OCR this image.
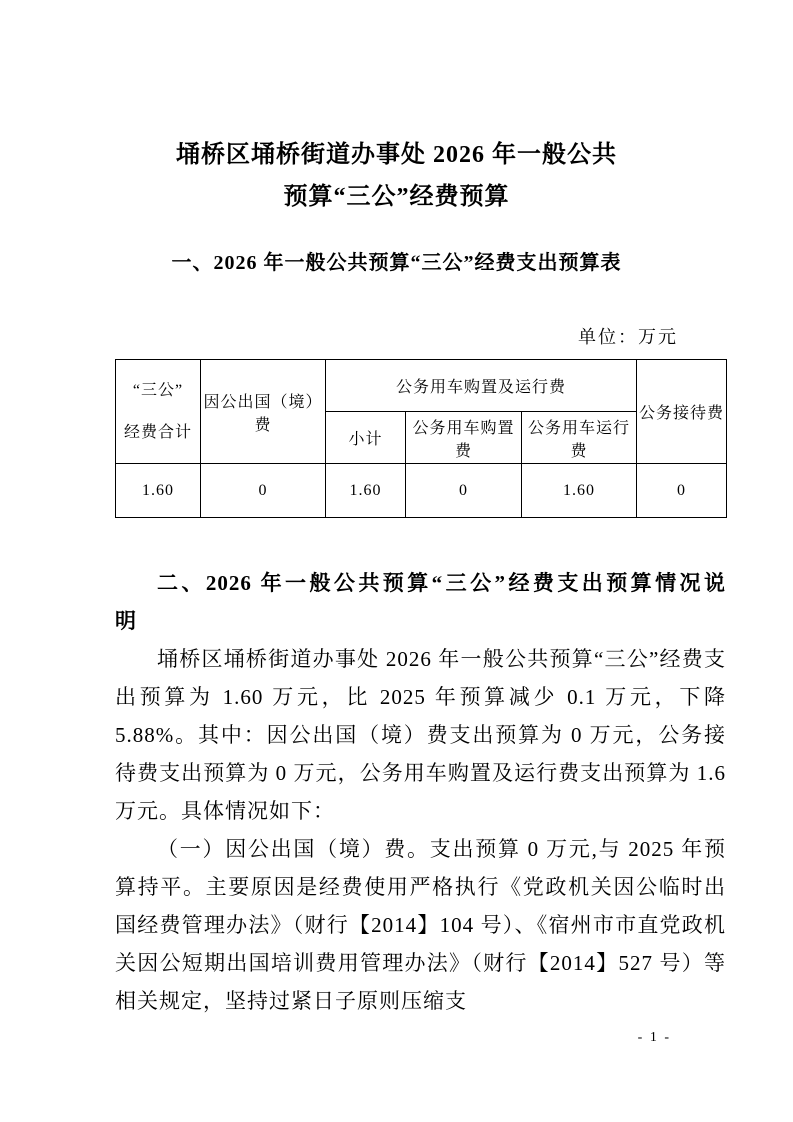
埇桥区埇桥街道办事处 2026 年一般公共
预算“三公”经费预算
一、2026 年一般公共预算“三公”经费支出预算表
单位：万元
“三公”
经费合计	因公出国（境）费	公务用车购置及运行费			公务接待费
		小计	公务用车购置费	公务用车运行费	
1.60	0	1.60	0	1.60	0
二、2026 年一般公共预算“三公”经费支出预算情况说
明

埇桥区埇桥街道办事处 2026 年一般公共预算“三公”经费支出预算为 1.60 万元，比 2025 年预算减少 0.1 万元，下降 5.88%。其中：因公出国（境）费支出预算为 0 万元，公务接待费支出预算为 0 万元，公务用车购置及运行费支出预算为 1.6 万元。具体情况如下：

（一）因公出国（境）费。支出预算 0 万元,与 2025 年预算持平。主要原因是经费使用严格执行《党政机关因公临时出国经费管理办法》（财行【2014】104 号）、《宿州市市直党政机关因公短期出国培训费用管理办法》（财行【2014】527 号）等相关规定，坚持过紧日子原则压缩支

- 1 -
